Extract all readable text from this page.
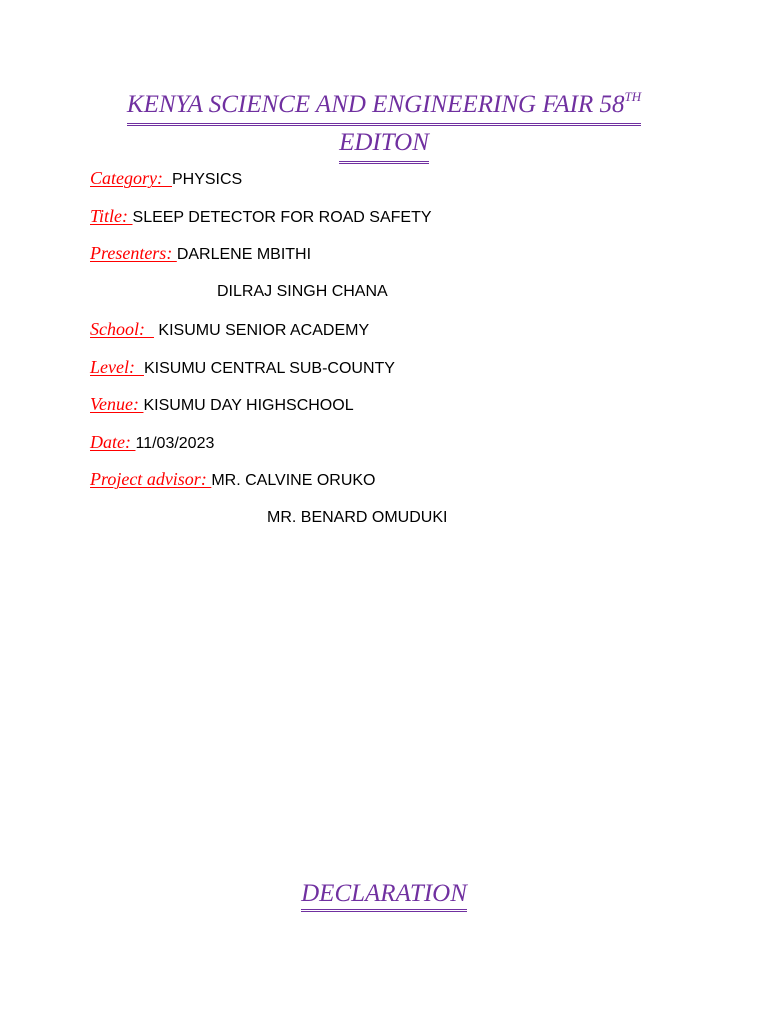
KENYA SCIENCE AND ENGINEERING FAIR 58TH
EDITON
Category:  PHYSICS
Title: SLEEP DETECTOR FOR ROAD SAFETY
Presenters: DARLENE MBITHI
DILRAJ SINGH CHANA
School:   KISUMU SENIOR ACADEMY
Level:  KISUMU CENTRAL SUB-COUNTY
Venue: KISUMU DAY HIGHSCHOOL
Date: 11/03/2023
Project advisor: MR. CALVINE ORUKO
MR. BENARD OMUDUKI
DECLARATION
